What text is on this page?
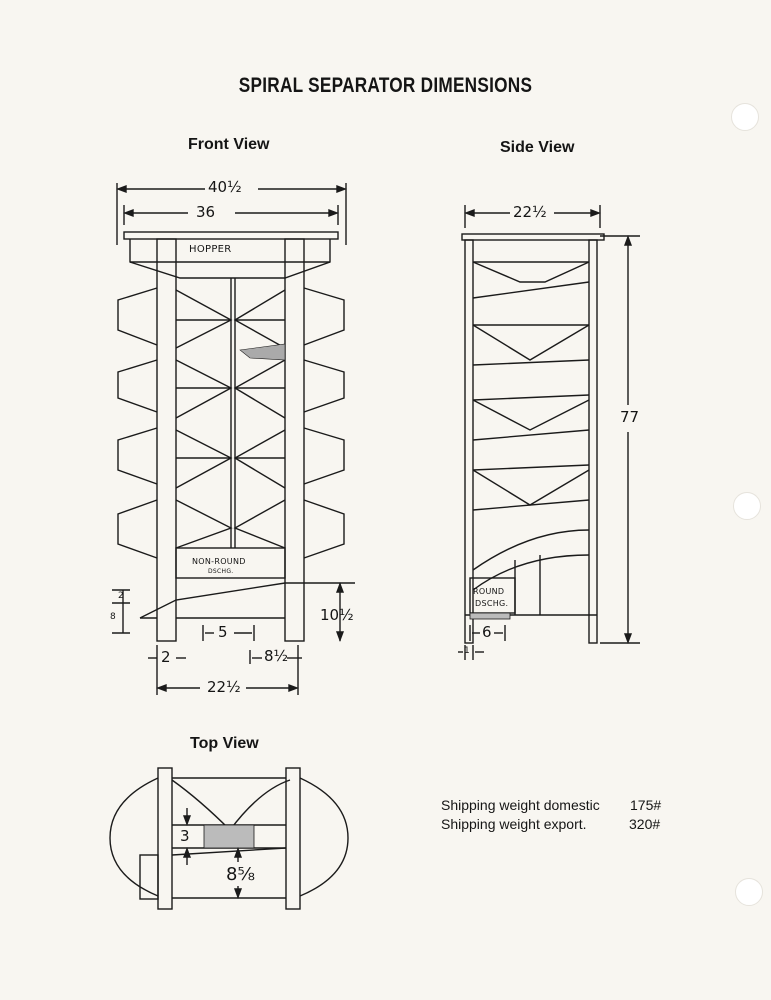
SPIRAL SEPARATOR DIMENSIONS
Front View
40½
36
HOPPER
NON-ROUND
DSCHG.
2
8	10½
5
2	8½
22½
Side View
22½
77
ROUND
DSCHG.
6
1
Top View
3
8⅝
Shipping weight domestic 175#
Shipping weight export.	320#
